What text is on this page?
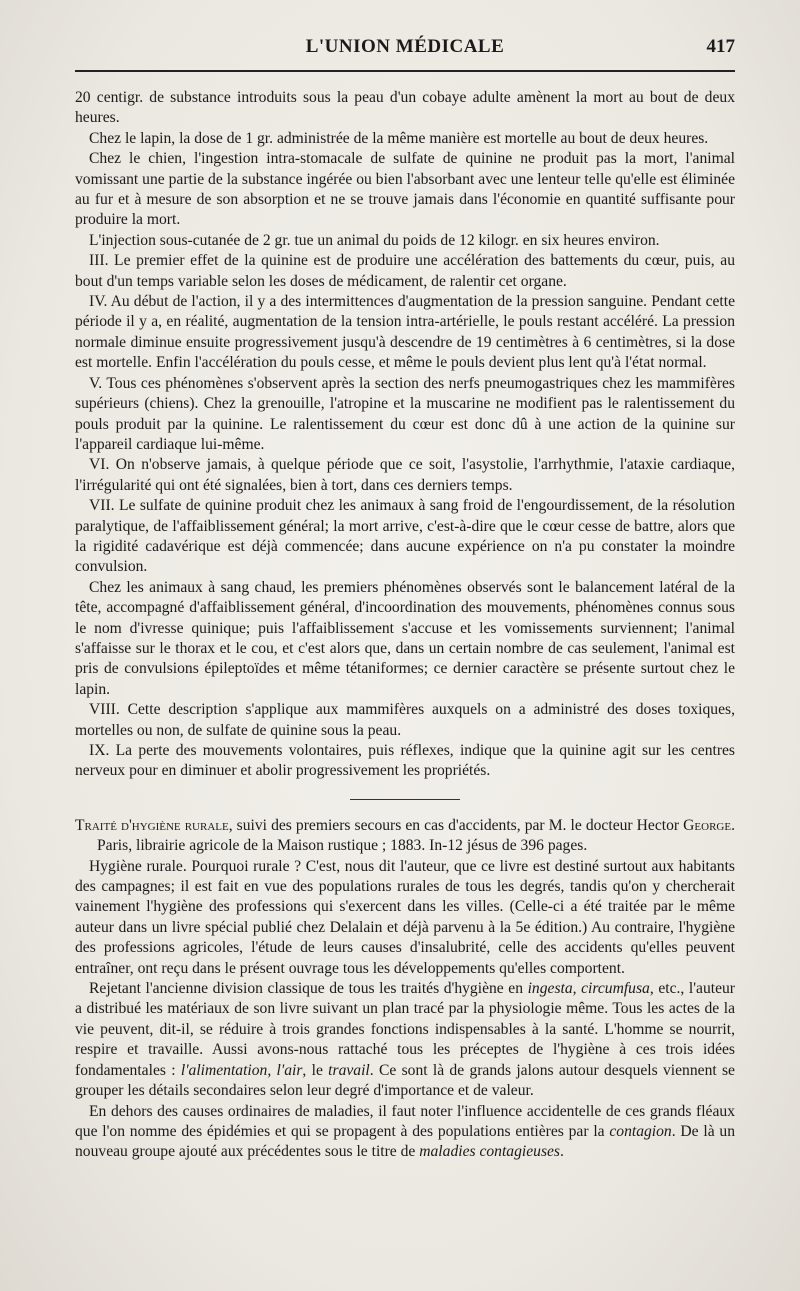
L'UNION MÉDICALE	417

20 centigr. de substance introduits sous la peau d'un cobaye adulte amènent la mort au bout de deux heures.

Chez le lapin, la dose de 1 gr. administrée de la même manière est mortelle au bout de deux heures.

Chez le chien, l'ingestion intra-stomacale de sulfate de quinine ne produit pas la mort, l'animal vomissant une partie de la substance ingérée ou bien l'absorbant avec une lenteur telle qu'elle est éliminée au fur et à mesure de son absorption et ne se trouve jamais dans l'économie en quantité suffisante pour produire la mort.

L'injection sous-cutanée de 2 gr. tue un animal du poids de 12 kilogr. en six heures environ.

III. Le premier effet de la quinine est de produire une accélération des battements du cœur, puis, au bout d'un temps variable selon les doses de médicament, de ralentir cet organe.

IV. Au début de l'action, il y a des intermittences d'augmentation de la pression sanguine. Pendant cette période il y a, en réalité, augmentation de la tension intra-artérielle, le pouls restant accéléré. La pression normale diminue ensuite progressivement jusqu'à descendre de 19 centimètres à 6 centimètres, si la dose est mortelle. Enfin l'accélération du pouls cesse, et même le pouls devient plus lent qu'à l'état normal.

V. Tous ces phénomènes s'observent après la section des nerfs pneumogastriques chez les mammifères supérieurs (chiens). Chez la grenouille, l'atropine et la muscarine ne modifient pas le ralentissement du pouls produit par la quinine. Le ralentissement du cœur est donc dû à une action de la quinine sur l'appareil cardiaque lui-même.

VI. On n'observe jamais, à quelque période que ce soit, l'asystolie, l'arrhythmie, l'ataxie cardiaque, l'irrégularité qui ont été signalées, bien à tort, dans ces derniers temps.

VII. Le sulfate de quinine produit chez les animaux à sang froid de l'engourdissement, de la résolution paralytique, de l'affaiblissement général; la mort arrive, c'est-à-dire que le cœur cesse de battre, alors que la rigidité cadavérique est déjà commencée; dans aucune expérience on n'a pu constater la moindre convulsion.

Chez les animaux à sang chaud, les premiers phénomènes observés sont le balancement latéral de la tête, accompagné d'affaiblissement général, d'incoordination des mouvements, phénomènes connus sous le nom d'ivresse quinique; puis l'affaiblissement s'accuse et les vomissements surviennent; l'animal s'affaisse sur le thorax et le cou, et c'est alors que, dans un certain nombre de cas seulement, l'animal est pris de convulsions épileptoïdes et même tétaniformes; ce dernier caractère se présente surtout chez le lapin.

VIII. Cette description s'applique aux mammifères auxquels on a administré des doses toxiques, mortelles ou non, de sulfate de quinine sous la peau.

IX. La perte des mouvements volontaires, puis réflexes, indique que la quinine agit sur les centres nerveux pour en diminuer et abolir progressivement les propriétés.

Traité d'hygiène rurale, suivi des premiers secours en cas d'accidents, par M. le docteur Hector George. Paris, librairie agricole de la Maison rustique ; 1883. In-12 jésus de 396 pages.

Hygiène rurale. Pourquoi rurale ? C'est, nous dit l'auteur, que ce livre est destiné surtout aux habitants des campagnes; il est fait en vue des populations rurales de tous les degrés, tandis qu'on y chercherait vainement l'hygiène des professions qui s'exercent dans les villes. (Celle-ci a été traitée par le même auteur dans un livre spécial publié chez Delalain et déjà parvenu à la 5e édition.) Au contraire, l'hygiène des professions agricoles, l'étude de leurs causes d'insalubrité, celle des accidents qu'elles peuvent entraîner, ont reçu dans le présent ouvrage tous les développements qu'elles comportent.

Rejetant l'ancienne division classique de tous les traités d'hygiène en ingesta, circumfusa, etc., l'auteur a distribué les matériaux de son livre suivant un plan tracé par la physiologie même. Tous les actes de la vie peuvent, dit-il, se réduire à trois grandes fonctions indispensables à la santé. L'homme se nourrit, respire et travaille. Aussi avons-nous rattaché tous les préceptes de l'hygiène à ces trois idées fondamentales : l'alimentation, l'air, le travail. Ce sont là de grands jalons autour desquels viennent se grouper les détails secondaires selon leur degré d'importance et de valeur.

En dehors des causes ordinaires de maladies, il faut noter l'influence accidentelle de ces grands fléaux que l'on nomme des épidémies et qui se propagent à des populations entières par la contagion. De là un nouveau groupe ajouté aux précédentes sous le titre de maladies contagieuses.
